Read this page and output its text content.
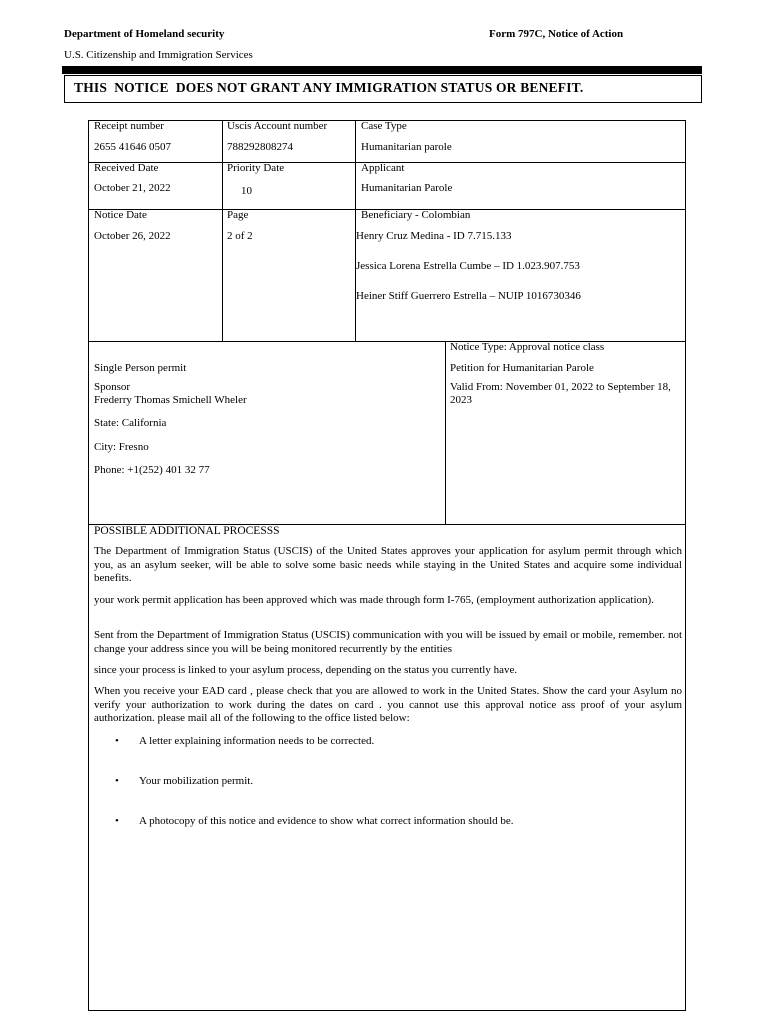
Department of Homeland security	Form 797C, Notice of Action
U.S. Citizenship and Immigration Services
THIS  NOTICE  DOES NOT GRANT ANY IMMIGRATION STATUS OR BENEFIT.
Receipt number
2655 41646 0507
Uscis Account number
788292808274
Case Type
Humanitarian parole
Received Date
October 21, 2022
Priority Date
10
Applicant
Humanitarian Parole
Notice Date
October 26, 2022
Page
2 of 2
Beneficiary - Colombian
Henry Cruz Medina - ID 7.715.133
Jessica Lorena Estrella Cumbe – ID 1.023.907.753
Heiner Stiff Guerrero Estrella – NUIP 1016730346
Single Person permit
Sponsor
Frederry Thomas Smichell Wheler
State: California
City: Fresno
Phone: +1(252) 401 32 77
Notice Type: Approval notice class
Petition for Humanitarian Parole
Valid From: November 01, 2022 to September 18, 2023
POSSIBLE ADDITIONAL PROCESSS
The Department of Immigration Status (USCIS) of the United States approves your application for asylum permit through which you, as an asylum seeker, will be able to solve some basic needs while staying in the United States and acquire some individual benefits.
your work permit application has been approved which was made through form I-765, (employment authorization application).
Sent from the Department of Immigration Status (USCIS) communication with you will be issued by email or mobile, remember. not change your address since you will be being monitored recurrently by the entities
since your process is linked to your asylum process, depending on the status you currently have.
When you receive your EAD card , please check that you are allowed to work in the United States. Show the card your Asylum no verify your authorization to work during the dates on card . you cannot use this approval notice ass proof of your asylum authorization. please mail all of the following to the office listed below:
• A letter explaining information needs to be corrected.
• Your mobilization permit.
• A photocopy of this notice and evidence to show what correct information should be.
